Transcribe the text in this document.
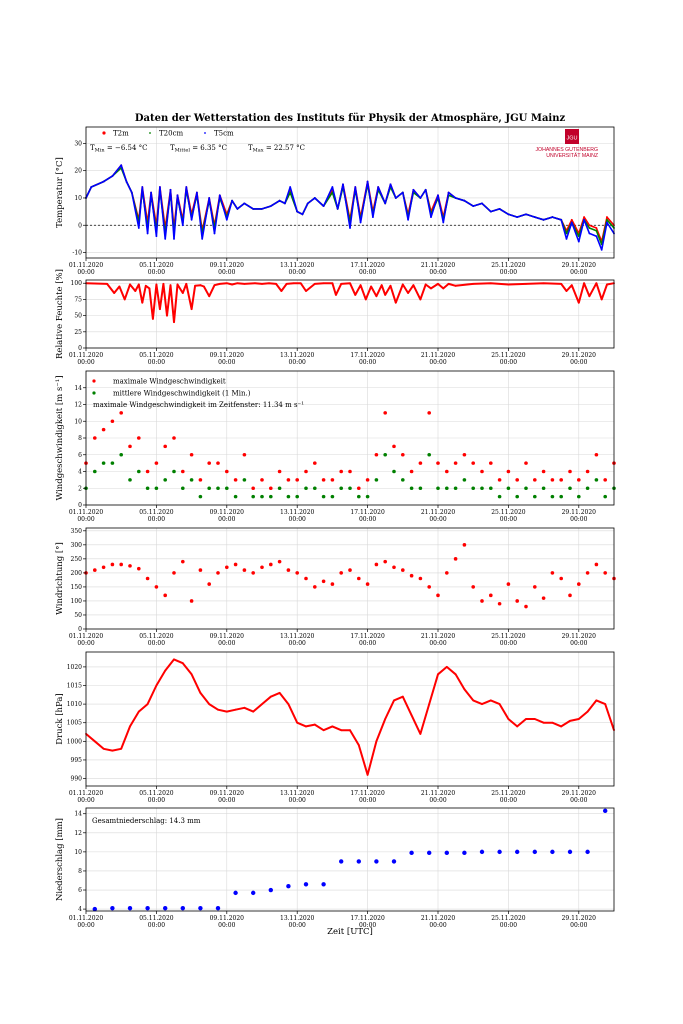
Daten der Wetterstation des Instituts für Physik der Atmosphäre, JGU Mainz
-10
0
10
20
30
01.11.2020
00:00
05.11.2020
00:00
09.11.2020
00:00
13.11.2020
00:00
17.11.2020
00:00
21.11.2020
00:00
25.11.2020
00:00
29.11.2020
00:00
Temperatur [°C]
T2m	T20cm	T5cm
$T_{Min} = -6.54$ °C	$T_{Mittel} = 6.35$ °C	$T_{Max} = 22.57$ °C
JGU
JOHANNES GUTENBERG
UNIVERSITÄT MAINZ
0
25
50
75
100
01.11.2020
00:00
05.11.2020
00:00
09.11.2020
00:00
13.11.2020
00:00
17.11.2020
00:00
21.11.2020
00:00
25.11.2020
00:00
29.11.2020
00:00
Relative Feuchte [%]
0
2
4
6
8
10
12
14
01.11.2020
00:00
05.11.2020
00:00
09.11.2020
00:00
13.11.2020
00:00
17.11.2020
00:00
21.11.2020
00:00
25.11.2020
00:00
29.11.2020
00:00
Windgeschwindigkeit [m s⁻¹]	maximale Windgeschwindigkeit
mittlere Windgeschwindigkeit (1 Min.)
maximale Windgeschwindigkeit im Zeitfenster: 11.34 m s⁻¹
0
50
100
150
200
250
300
350
01.11.2020
00:00
05.11.2020
00:00
09.11.2020
00:00
13.11.2020
00:00
17.11.2020
00:00
21.11.2020
00:00
25.11.2020
00:00
29.11.2020
00:00
Windrichtung [°]
990
995
1000
1005
1010
1015
1020
01.11.2020
00:00
05.11.2020
00:00
09.11.2020
00:00
13.11.2020
00:00
17.11.2020
00:00
21.11.2020
00:00
25.11.2020
00:00
29.11.2020
00:00
Druck [hPa]
4
6
8
10
12
14
01.11.2020
00:00
05.11.2020
00:00
09.11.2020
00:00
13.11.2020
00:00
17.11.2020
00:00
21.11.2020
00:00
25.11.2020
00:00
29.11.2020
00:00
Niederschlag [mm]	Gesamtniederschlag: 14.3 mm
Zeit [UTC]
